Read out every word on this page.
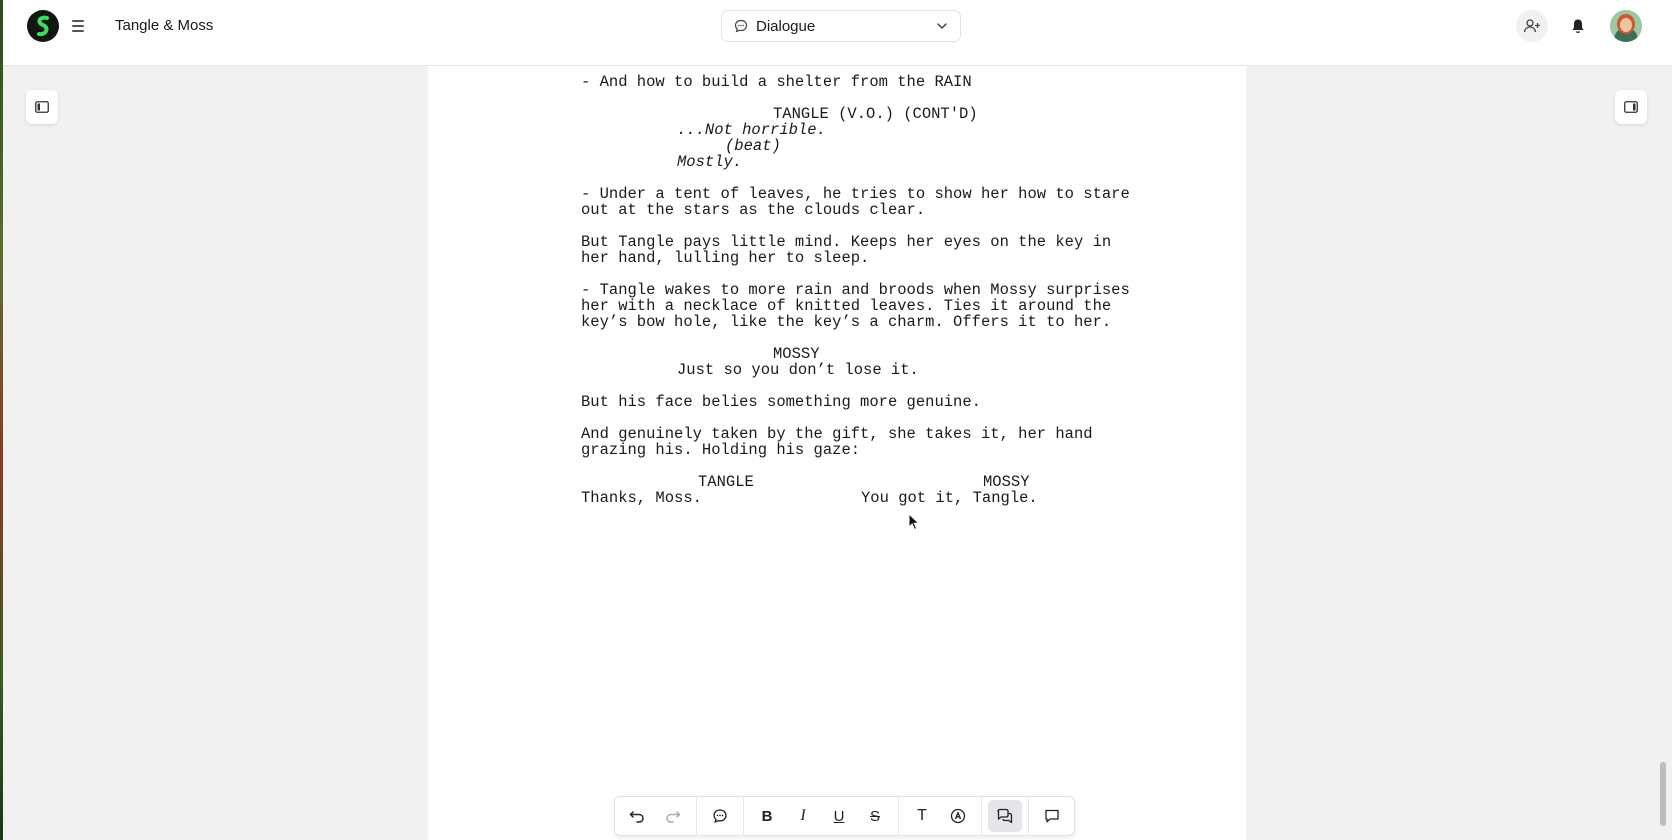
Tangle & Moss	Dialogue

- And how to build a shelter from the RAIN

TANGLE (V.O.) (CONT'D)

...Not horrible.

(beat)

Mostly.

- Under a tent of leaves, he tries to show her how to stare out at the stars as the clouds clear.

But Tangle pays little mind. Keeps her eyes on the key in her hand, lulling her to sleep.

- Tangle wakes to more rain and broods when Mossy surprises her with a necklace of knitted leaves. Ties it around the key’s bow hole, like the key’s a charm. Offers it to her.

MOSSY

Just so you don’t lose it.

But his face belies something more genuine.

And genuinely taken by the gift, she takes it, her hand grazing his. Holding his gaze:

TANGLE

Thanks, Moss.

MOSSY

You got it, Tangle.

B	I	U	S	T
